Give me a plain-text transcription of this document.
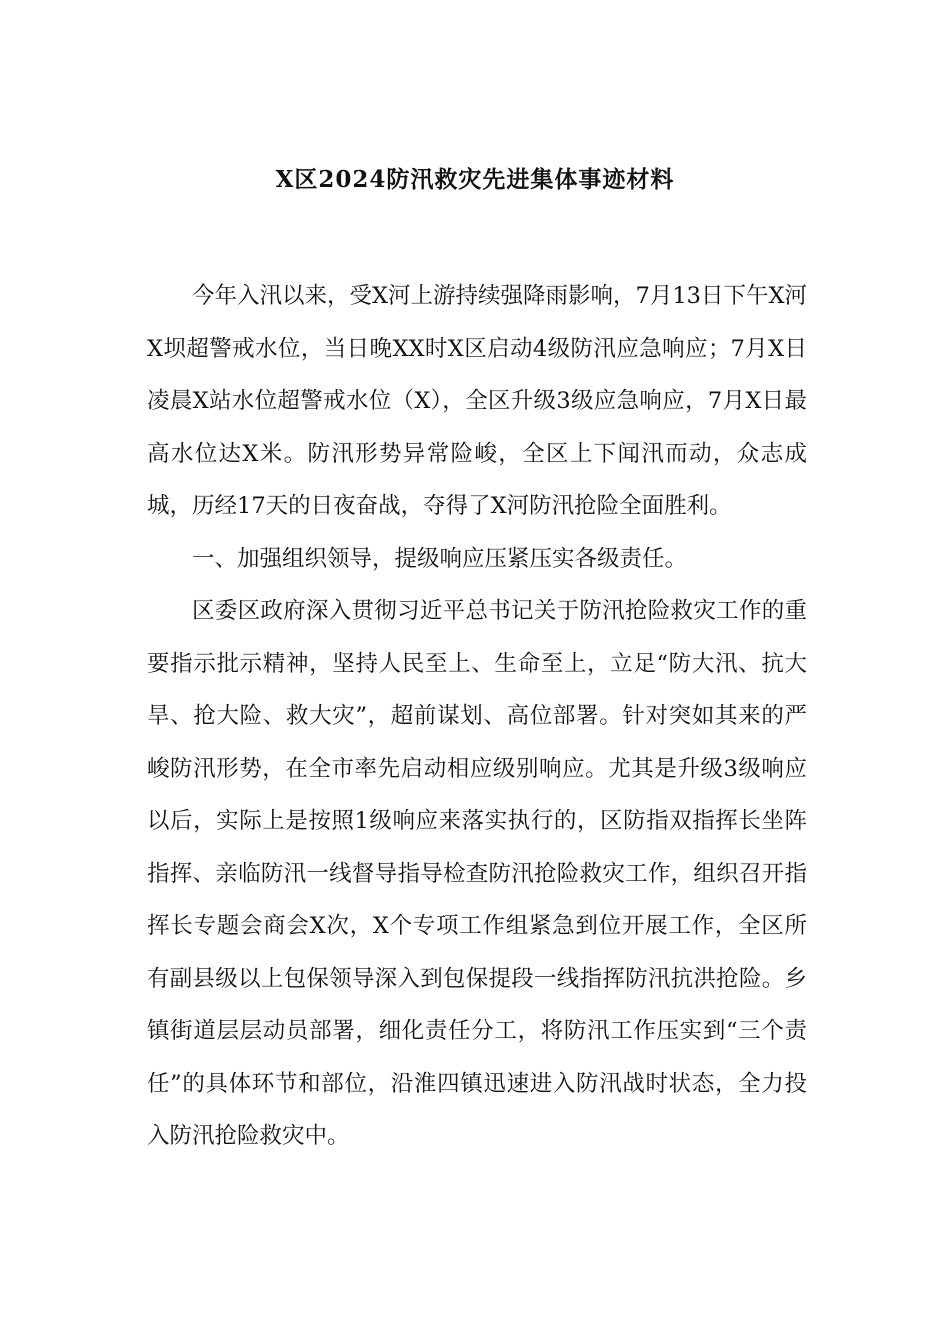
X区2024防汛救灾先进集体事迹材料

今年入汛以来，受X河上游持续强降雨影响，7月13日下午X河X坝超警戒水位，当日晚XX时X区启动4级防汛应急响应；7月X日凌晨X站水位超警戒水位（X），全区升级3级应急响应，7月X日最高水位达X米。防汛形势异常险峻，全区上下闻汛而动，众志成城，历经17天的日夜奋战，夺得了X河防汛抢险全面胜利。

一、加强组织领导，提级响应压紧压实各级责任。

区委区政府深入贯彻习近平总书记关于防汛抢险救灾工作的重要指示批示精神，坚持人民至上、生命至上，立足“防大汛、抗大旱、抢大险、救大灾”，超前谋划、高位部署。针对突如其来的严峻防汛形势，在全市率先启动相应级别响应。尤其是升级3级响应以后，实际上是按照1级响应来落实执行的，区防指双指挥长坐阵指挥、亲临防汛一线督导指导检查防汛抢险救灾工作，组织召开指挥长专题会商会X次，X个专项工作组紧急到位开展工作，全区所有副县级以上包保领导深入到包保提段一线指挥防汛抗洪抢险。乡镇街道层层动员部署，细化责任分工，将防汛工作压实到“三个责任”的具体环节和部位，沿淮四镇迅速进入防汛战时状态，全力投入防汛抢险救灾中。
